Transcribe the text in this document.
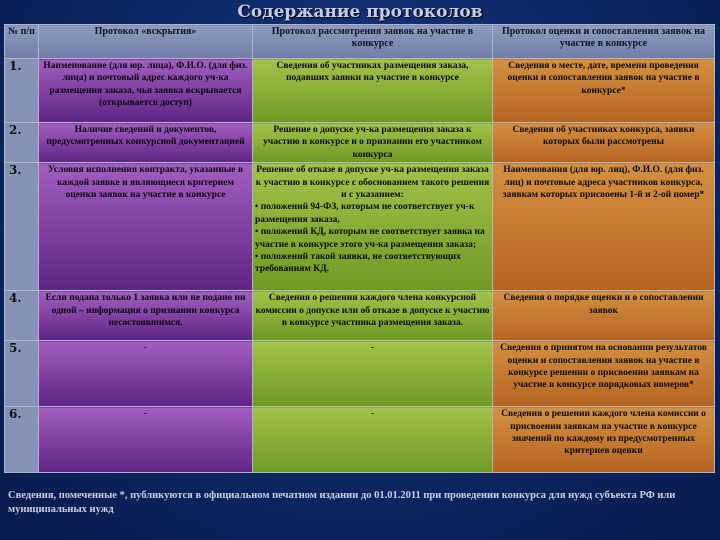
Содержание протоколов
№ п/п	Протокол «вскрытия»	Протокол рассмотрения заявок на участие в конкурсе	Протокол оценки и сопоставления заявок на участие в конкурсе
1.	Наименование (для юр. лица), Ф.И.О. (для физ. лица) и почтовый адрес каждого уч-ка размещения заказа, чья заявка вскрывается (открывается доступ)	Сведения об участниках размещения заказа, подавших заявки на участие в конкурсе	Сведения о месте, дате, времени проведения оценки и сопоставления заявок на участие в конкурсе*
2.	Наличие сведений и документов, предусмотренных конкурсной документацией	Решение о допуске уч-ка размещения заказа к участию в конкурсе и о признании его участником конкурса	Сведения об участниках конкурса, заявки которых были рассмотрены
3.	Условия исполнения контракта, указанные в каждой заявке и являющиеся критерием оценки заявок на участие в конкурсе	Решение об отказе в допуске уч-ка размещения заказа к участию в конкурсе с обоснованием такого решения и с указанием:
• положений 94-ФЗ, которым не соответствует уч-к размещения заказа,
• положений КД, которым не соответствует заявка на участие в конкурсе этого уч-ка размещения заказа;
• положений такой заявки, не соответствующих требованиям КД.	Наименования (для юр. лиц), Ф.И.О. (для физ. лиц) и почтовые адреса участников конкурса, заявкам которых присвоены 1-й и 2-ой номер*
4.	Если подана только 1 заявка или не подано ни одной – информация о признании конкурса несостоявшимся.	Сведения о решении каждого члена конкурсной комиссии о допуске или об отказе в допуске к участию в конкурсе участника размещения заказа.	Сведения о порядке оценки и о сопоставлении заявок
5.	-	-	Сведения о принятом на основании результатов оценки и сопоставления заявок на участие в конкурсе решении о присвоении заявкам на участие в конкурсе порядковых номеров*
6.	-	-	Сведения о решении каждого члена комиссии о присвоении заявкам на участие в конкурсе значений по каждому из предусмотренных критериев оценки
Сведения, помеченные *, публикуются в официальном печатном издании до 01.01.2011 при проведении конкурса для нужд субъекта РФ или муниципальных нужд
